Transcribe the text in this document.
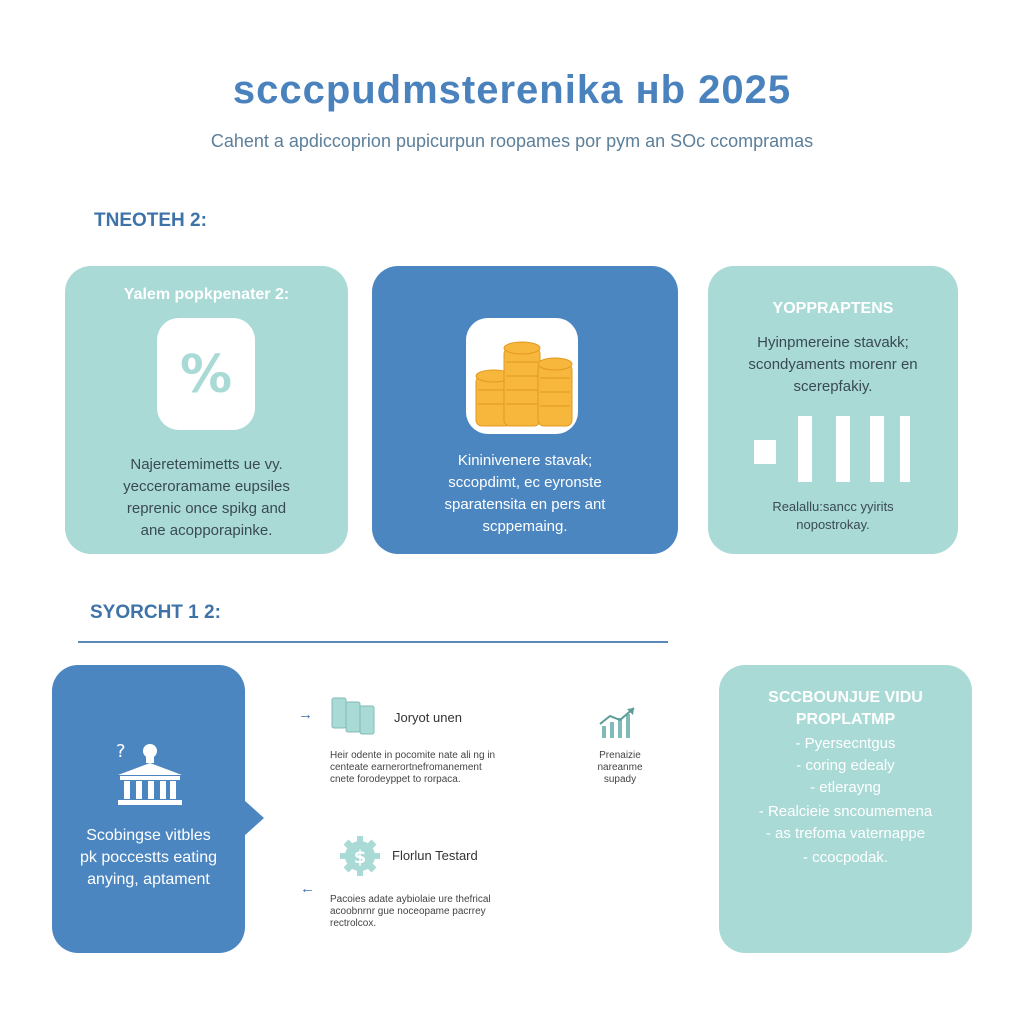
scccpudmsterenika нb 2025
Cahent a apdiccoprion pupicurpun roopames por pym an SOc ccompramas
TNEOTEH 2:
Yalem popkpenater 2:
%
Najeretemimetts ue vy.
yecceroramame eupsiles
reprenic once spikg and
ane acopporapinke.
Kininivenere stavak;
sccopdimt, ec eyronste
sparatensita en pers ant
scppemaing.
YOPPRAPTENS
Hyinpmereine stavakk;
scondyaments morenr en
scerepfakiy.
Realallu:sancc yyirits
nopostrokay.
SYORCHT 1 2:
?
Scobingse vitbles
pk poccestts eating
anying, aptament
→	Joryot unen
Heir odente in pocomite nate ali ng in
centeate earnerortnefromanement
cnete forodeyppet to rorpaca.
Prenaizie
nareanme
supady
$ Florlun Testard
←
Pacoies adate aybiolaie ure thefrical
acoobnrnr gue noceopame pacrrey
rectrolcox.
SCCBOUNJUE VIDU
PROPLATMP
- Pyersecntgus
- coring edealy
- etlerayng
- Realcieie sncoumemena
- as trefoma vaternappe
- ccocpodak.
